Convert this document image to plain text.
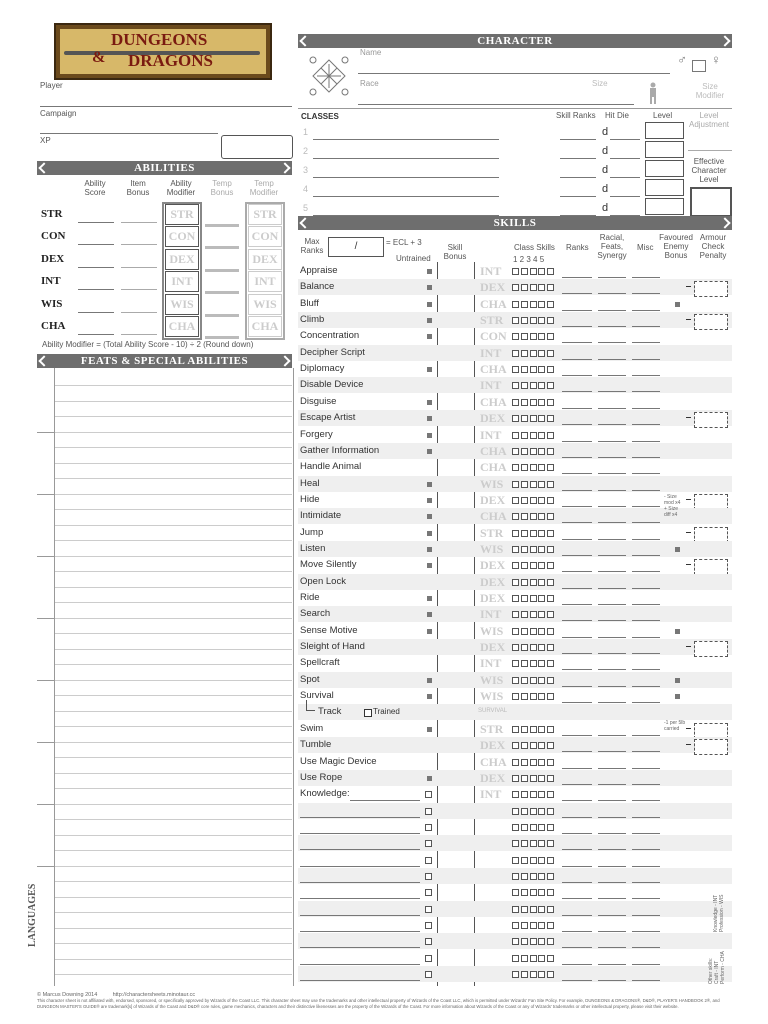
DUNGEONS
& DRAGONS
Player
Campaign
XP
CHARACTER
Name
Race	Size
♂	♀
Size
Modifier
CLASSES	Skill Ranks Hit Die	Level	Level
Adjustment
1	d
2	d
3	d
4	d
5	d
Effective
Character
Level
ABILITIES
Ability
Score
Item
Bonus
Ability
Modifier
Temp
Bonus
Temp
Modifier
STR	STR	STR
CON	CON	CON
DEX	DEX	DEX
INT	INT	INT
WIS	WIS	WIS
CHA	CHA	CHA
Ability Modifier = (Total Ability Score - 10) ÷ 2 (Round down)
FEATS & SPECIAL ABILITIES
LANGUAGES
SKILLS
Max
Ranks	/	= ECL + 3
Untrained
Skill
Bonus
Class Skills
1 2 3 4 5
Ranks
Racial,
Feats,
Synergy
Misc
Favoured
Enemy
Bonus
Armour
Check
Penalty
Appraise	INT
Balance	DEX
Bluff	CHA
Climb	STR
Concentration	CON
Decipher Script	INT
Diplomacy	CHA
Disable Device	INT
Disguise	CHA
Escape Artist	DEX
Forgery	INT
Gather Information	CHA
Handle Animal	CHA
Heal	WIS
Hide	DEX	- Size
mod x4
Intimidate	CHA	+ Size
diff x4
Jump	STR
Listen	WIS
Move Silently	DEX
Open Lock	DEX
Ride	DEX
Search	INT
Sense Motive	WIS
Sleight of Hand	DEX
Spellcraft	INT
Spot	WIS
Survival	WIS
Track	Trained	SURVIVAL
Swim	STR	-1 per 5lb
carried
Tumble	DEX
Use Magic Device	CHA
Use Rope	DEX
Knowledge:	INT
Knowledge - INT
Profession - WIS
Other skills:
Craft - INT
Perform - CHA
© Marcus Downing 2014          http://charactersheets.minotaur.cc
This character sheet is not affiliated with, endorsed, sponsored, or specifically approved by Wizards of the Coast LLC. This character sheet may use the trademarks and other intellectual property of Wizards of the Coast LLC, which is permitted under Wizards' Fan Site Policy. For example, DUNGEONS & DRAGONS®, D&D®, PLAYER'S HANDBOOK 2®, and DUNGEON MASTER'S GUIDE® are trademark[s] of Wizards of the Coast and D&D® core rules, game mechanics, characters and their distinctive likenesses are the property of the Wizards of the Coast. For more information about Wizards of the Coast or any of Wizards' trademarks or other intellectual property, please visit their website.
